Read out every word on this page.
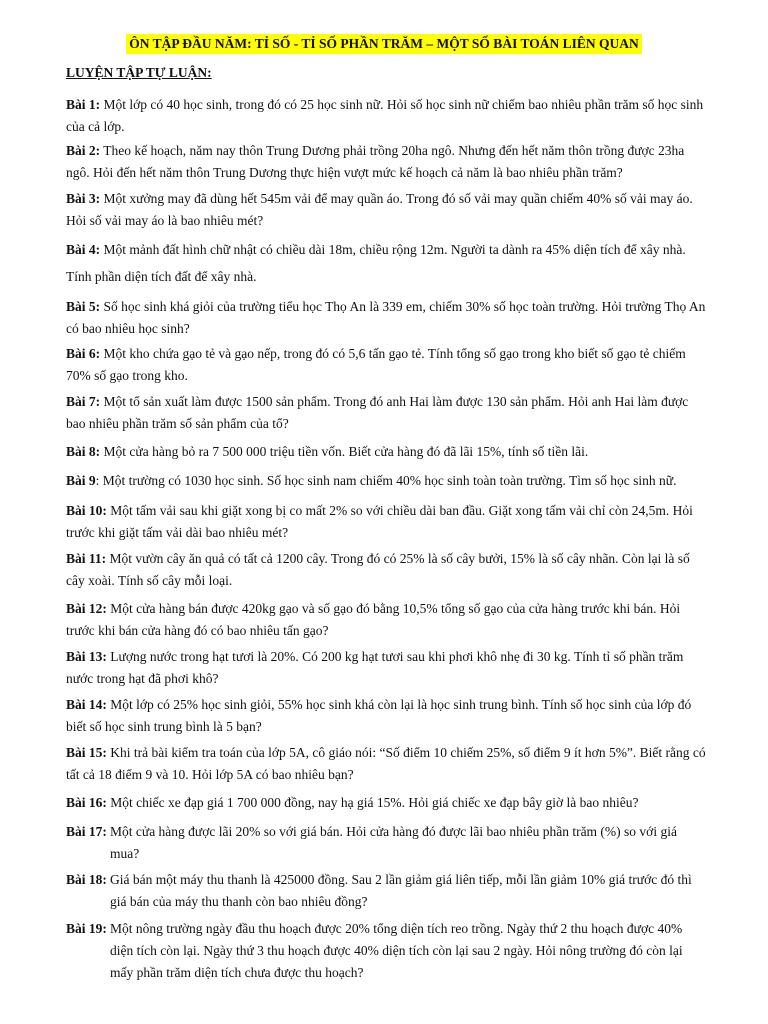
ÔN TẬP ĐẦU NĂM: TỈ SỐ - TỈ SỐ PHẦN TRĂM – MỘT SỐ BÀI TOÁN LIÊN QUAN
LUYỆN TẬP TỰ LUẬN:

Bài 1: Một lớp có 40 học sinh, trong đó có 25 học sinh nữ. Hỏi số học sinh nữ chiếm bao nhiêu phần trăm số học sinh của cả lớp.

Bài 2: Theo kế hoạch, năm nay thôn Trung Dương phải trồng 20ha ngô. Nhưng đến hết năm thôn trồng được 23ha ngô. Hỏi đến hết năm thôn Trung Dương thực hiện vượt mức kế hoạch cả năm là bao nhiêu phần trăm?

Bài 3: Một xưởng may đã dùng hết 545m vải để may quần áo. Trong đó số vải may quần chiếm 40% số vải may áo. Hỏi số vải may áo là bao nhiêu mét?

Bài 4: Một mảnh đất hình chữ nhật có chiều dài 18m, chiều rộng 12m. Người ta dành ra 45% diện tích để xây nhà. Tính phần diện tích đất để xây nhà.

Bài 5: Số học sinh khá giỏi của trường tiểu học Thọ An là 339 em, chiếm 30% số học toàn trường. Hỏi trường Thọ An có bao nhiêu học sinh?

Bài 6: Một kho chứa gạo tẻ và gạo nếp, trong đó có 5,6 tấn gạo tẻ. Tính tổng số gạo trong kho biết số gạo tẻ chiếm 70% số gạo trong kho.

Bài 7: Một tổ sản xuất làm được 1500 sản phẩm. Trong đó anh Hai làm được 130 sản phẩm. Hỏi anh Hai làm được bao nhiêu phần trăm số sản phẩm của tổ?

Bài 8: Một cửa hàng bỏ ra 7 500 000 triệu tiền vốn. Biết cửa hàng đó đã lãi 15%, tính số tiền lãi.

Bài 9: Một trường có 1030 học sinh. Số học sinh nam chiếm 40% học sinh toàn toàn trường. Tìm số học sinh nữ.

Bài 10: Một tấm vải sau khi giặt xong bị co mất 2% so với chiều dài ban đầu. Giặt xong tấm vải chỉ còn 24,5m. Hỏi trước khi giặt tấm vải dài bao nhiêu mét?

Bài 11: Một vườn cây ăn quả có tất cả 1200 cây. Trong đó có 25% là số cây bưởi, 15% là số cây nhãn. Còn lại là số cây xoài. Tính số cây mỗi loại.

Bài 12: Một cửa hàng bán được 420kg gạo và số gạo đó bằng 10,5% tổng số gạo của cửa hàng trước khi bán. Hỏi trước khi bán cửa hàng đó có bao nhiêu tấn gạo?

Bài 13: Lượng nước trong hạt tươi là 20%. Có 200 kg hạt tươi sau khi phơi khô nhẹ đi 30 kg. Tính tỉ số phần trăm nước trong hạt đã phơi khô?

Bài 14: Một lớp có 25% học sinh giỏi, 55% học sinh khá còn lại là học sinh trung bình. Tính số học sinh của lớp đó biết số học sinh trung bình là 5 bạn?

Bài 15: Khi trả bài kiểm tra toán của lớp 5A, cô giáo nói: “Số điểm 10 chiếm 25%, số điểm 9 ít hơn 5%”. Biết rằng có tất cả 18 điểm 9 và 10. Hỏi lớp 5A có bao nhiêu bạn?

Bài 16: Một chiếc xe đạp giá 1 700 000 đồng, nay hạ giá 15%. Hỏi giá chiếc xe đạp bây giờ là bao nhiêu?

Bài 17: Một cửa hàng được lãi 20% so với giá bán. Hỏi cửa hàng đó được lãi bao nhiêu phần trăm (%) so với giá mua?

Bài 18: Giá bán một máy thu thanh là 425000 đồng. Sau 2 lần giảm giá liên tiếp, mỗi lần giảm 10% giá trước đó thì giá bán của máy thu thanh còn bao nhiêu đồng?

Bài 19: Một nông trường ngày đầu thu hoạch được 20% tổng diện tích reo trồng. Ngày thứ 2 thu hoạch được 40% diện tích còn lại. Ngày thứ 3 thu hoạch được 40% diện tích còn lại sau 2 ngày. Hỏi nông trường đó còn lại mấy phần trăm diện tích chưa được thu hoạch?
